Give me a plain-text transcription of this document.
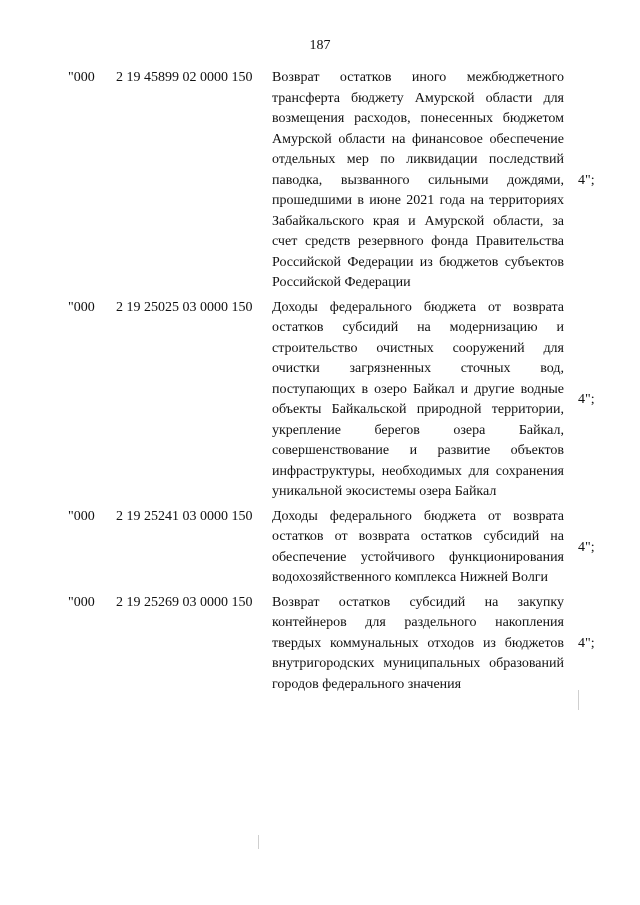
187
"000 2 19 45899 02 0000 150 Возврат остатков иного межбюджетного трансферта бюджету Амурской области для возмещения расходов, понесенных бюджетом Амурской области на финансовое обеспечение отдельных мер по ликвидации последствий паводка, вызванного сильными дождями, прошедшими в июне 2021 года на территориях Забайкальского края и Амурской области, за счет средств резервного фонда Правительства Российской Федерации из бюджетов субъектов Российской Федерации
4";
"000 2 19 25025 03 0000 150 Доходы федерального бюджета от возврата остатков субсидий на модернизацию и строительство очистных сооружений для очистки загрязненных сточных вод, поступающих в озеро Байкал и другие водные объекты Байкальской природной территории, укрепление берегов озера Байкал, совершенствование и развитие объектов инфраструктуры, необходимых для сохранения уникальной экосистемы озера Байкал
4";
"000 2 19 25241 03 0000 150 Доходы федерального бюджета от возврата остатков от возврата остатков субсидий на обеспечение устойчивого функционирования водохозяйственного комплекса Нижней Волги
4";
"000 2 19 25269 03 0000 150 Возврат остатков субсидий на закупку контейнеров для раздельного накопления твердых коммунальных отходов из бюджетов внутригородских муниципальных образований городов федерального значения
4";
